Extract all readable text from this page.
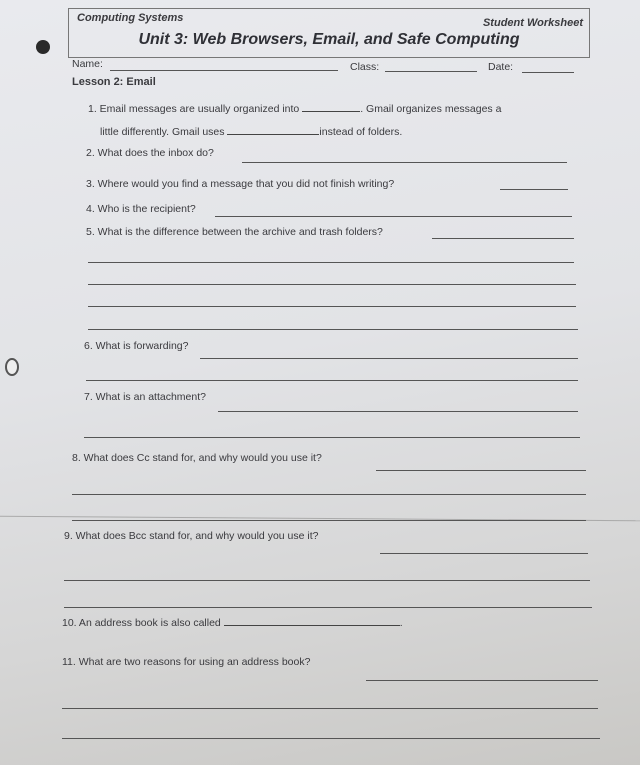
Computing Systems	Student Worksheet
Unit 3: Web Browsers, Email, and Safe Computing
Name:	Class:	Date:
Lesson 2: Email
1. Email messages are usually organized into	. Gmail organizes messages a
little differently. Gmail uses	instead of folders.
2. What does the inbox do?
3. Where would you find a message that you did not finish writing?
4. Who is the recipient?
5. What is the difference between the archive and trash folders?
6. What is forwarding?
7. What is an attachment?
8. What does Cc stand for, and why would you use it?
9. What does Bcc stand for, and why would you use it?
10. An address book is also called	.
11. What are two reasons for using an address book?
